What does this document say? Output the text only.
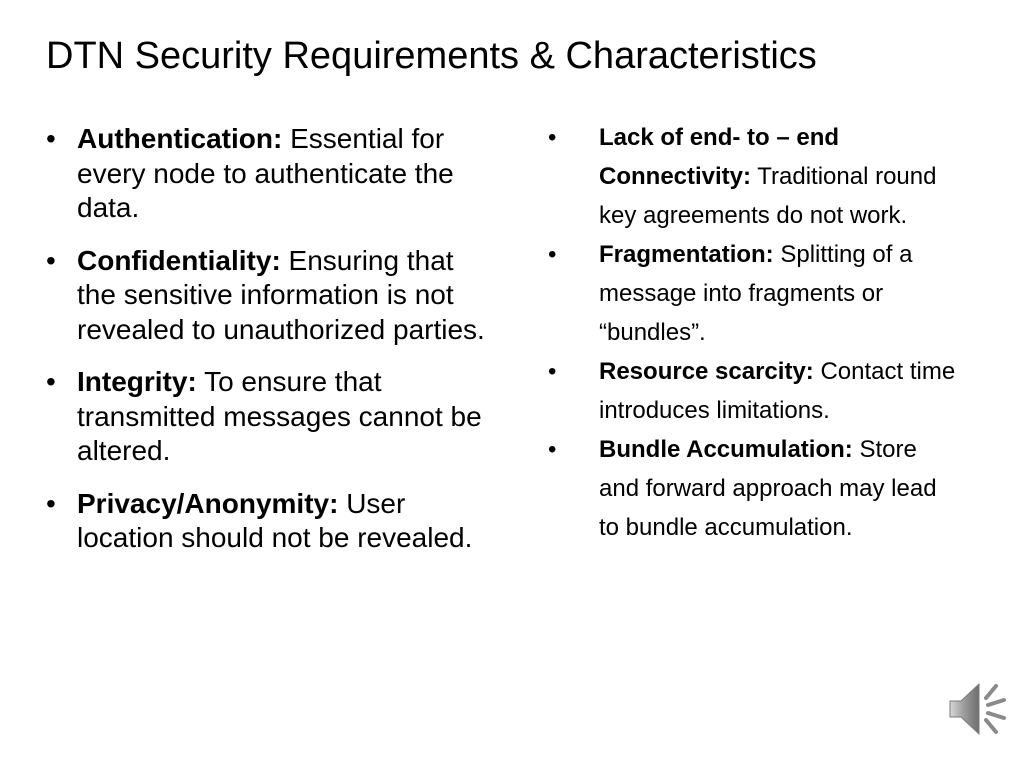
DTN Security Requirements & Characteristics
• Authentication: Essential for every node to authenticate the data.
• Confidentiality: Ensuring that the sensitive information is not revealed to unauthorized parties.
• Integrity: To ensure that transmitted messages cannot be altered.
• Privacy/Anonymity: User location should not be revealed.
• Lack of end- to – end Connectivity: Traditional round key agreements do not work.
• Fragmentation: Splitting of a message into fragments or “bundles”.
• Resource scarcity: Contact time introduces limitations.
• Bundle Accumulation: Store and forward approach may lead to bundle accumulation.
